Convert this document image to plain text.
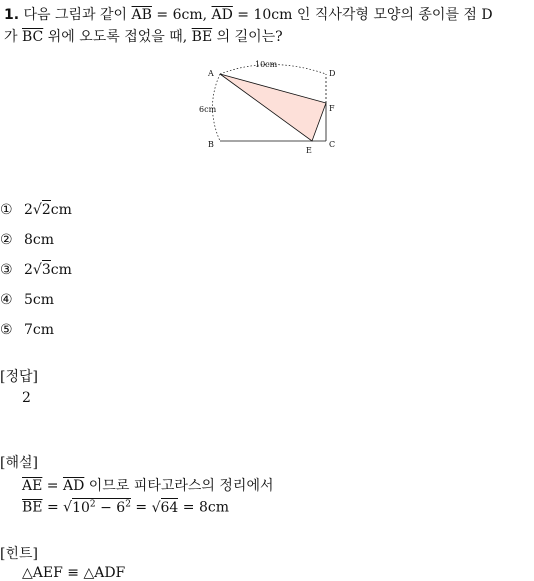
1. 다음 그림과 같이 $\overline{AB} = 6cm$, $\overline{AD} = 10cm$ 인 직사각형 모양의 종이를 점 D
가 $\overline{BC}$ 위에 오도록 접었을 때, $\overline{BE}$ 의 길이는?
A	D
F
B	C
E
10cm
6cm
① 2√2cm
② 8cm
③ 2√3cm
④ 5cm
⑤ 7cm
[정답]
2
[해설]
$\overline{AE} = \overline{AD}$ 이므로 피타고라스의 정리에서
$\overline{BE} = √10^2 - 6^2 = √64 = 8cm$
[힌트]
△AEF ≡ △ADF
